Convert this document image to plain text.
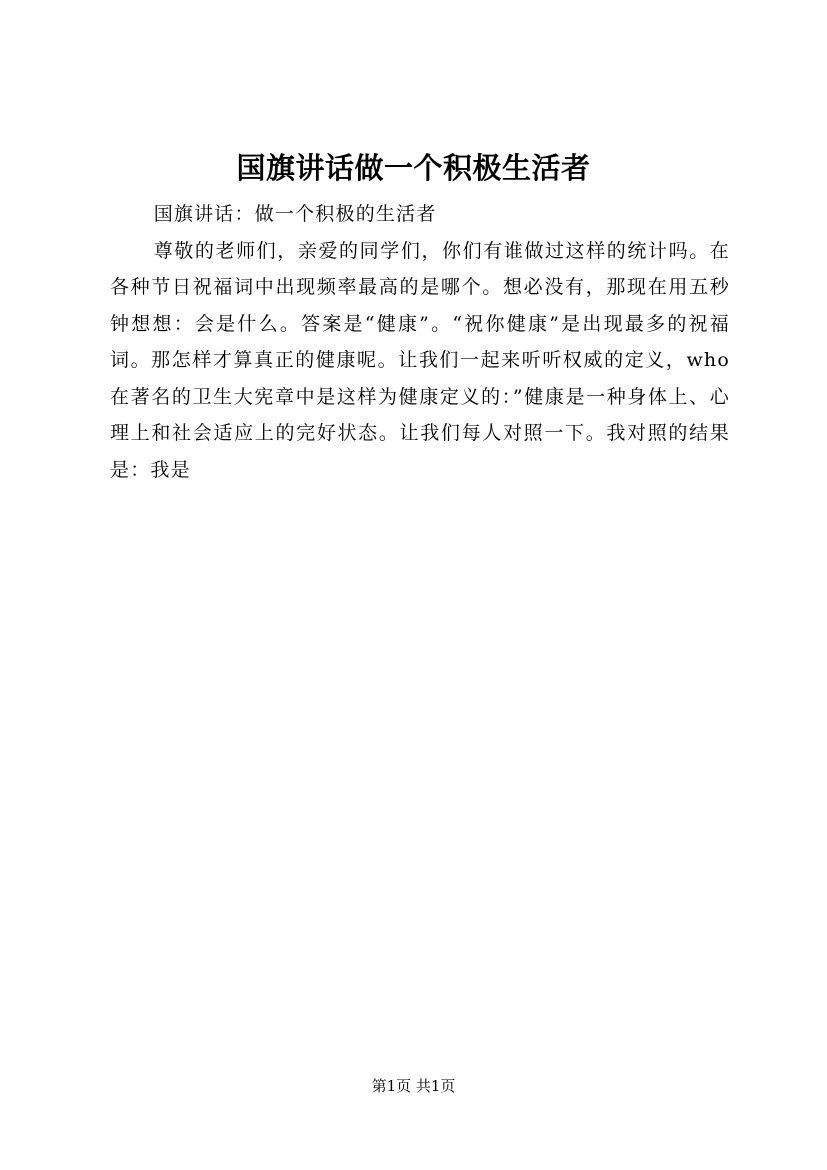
国旗讲话做一个积极生活者

国旗讲话：做一个积极的生活者

尊敬的老师们，亲爱的同学们，你们有谁做过这样的统计吗。在各种节日祝福词中出现频率最高的是哪个。想必没有，那现在用五秒钟想想：会是什么。答案是“健康”。“祝你健康”是出现最多的祝福词。那怎样才算真正的健康呢。让我们一起来听听权威的定义，who在著名的卫生大宪章中是这样为健康定义的：”健康是一种身体上、心理上和社会适应上的完好状态。让我们每人对照一下。我对照的结果是：我是

第1页 共1页
